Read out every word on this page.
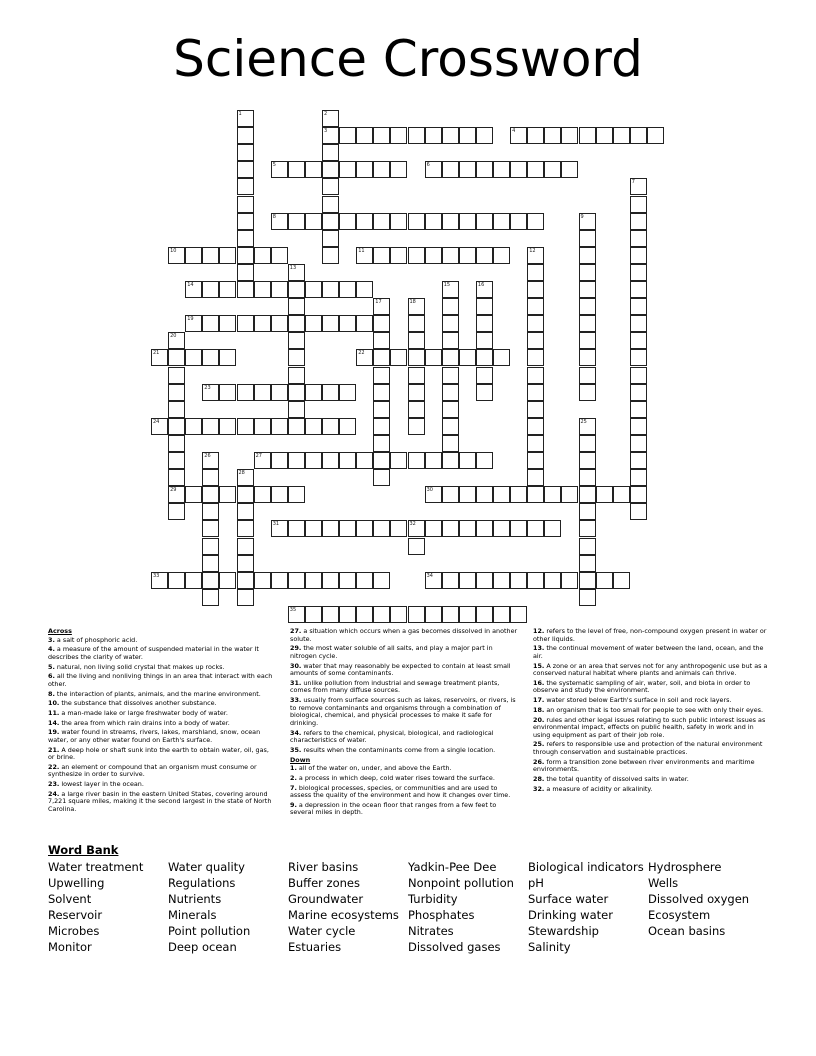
Science Crossword
1	2
3	4
5	6
7
8	9
10	11	12
13
14	15	16
17	18
19
20
29
21	22
23
24	25
26	27
28
30
31	32
33	34
35
Across
3. a salt of phosphoric acid.
4. a measure of the amount of suspended material in the water It describes the clarity of water.
5. natural, non living solid crystal that makes up rocks.
6. all the living and nonliving things in an area that interact with each other.
8. the interaction of plants, animals, and the marine environment.
10. the substance that dissolves another substance.
11. a man-made lake or large freshwater body of water.
14. the area from which rain drains into a body of water.
19. water found in streams, rivers, lakes, marshland, snow, ocean water, or any other water found on Earth's surface.
21. A deep hole or shaft sunk into the earth to obtain water, oil, gas, or brine.
22. an element or compound that an organism must consume or synthesize in order to survive.
23. lowest layer in the ocean.
24. a large river basin in the eastern United States, covering around 7,221 square miles, making it the second largest in the state of North Carolina.
27. a situation which occurs when a gas becomes dissolved in another solute.
29. the most water soluble of all salts, and play a major part in nitrogen cycle.
30. water that may reasonably be expected to contain at least small amounts of some contaminants.
31. unlike pollution from industrial and sewage treatment plants, comes from many diffuse sources.
33. usually from surface sources such as lakes, reservoirs, or rivers, is to remove contaminants and organisms through a combination of biological, chemical, and physical processes to make it safe for drinking.
34. refers to the chemical, physical, biological, and radiological characteristics of water.
35. results when the contaminants come from a single location.
Down
1. all of the water on, under, and above the Earth.
2. a process in which deep, cold water rises toward the surface.
7. biological processes, species, or communities and are used to assess the quality of the environment and how it changes over time.
9. a depression in the ocean floor that ranges from a few feet to several miles in depth.
12. refers to the level of free, non-compound oxygen present in water or other liquids.
13. the continual movement of water between the land, ocean, and the air.
15. A zone or an area that serves not for any anthropogenic use but as a conserved natural habitat where plants and animals can thrive.
16. the systematic sampling of air, water, soil, and biota in order to observe and study the environment.
17. water stored below Earth's surface in soil and rock layers.
18. an organism that is too small for people to see with only their eyes.
20. rules and other legal issues relating to such public interest issues as environmental impact, effects on public health, safety in work and in using equipment as part of their job role.
25. refers to responsible use and protection of the natural environment through conservation and sustainable practices.
26. form a transition zone between river environments and maritime environments.
28. the total quantity of dissolved salts in water.
32. a measure of acidity or alkalinity.
Word Bank
Water treatment
Upwelling
Solvent
Reservoir
Microbes
Monitor
Water quality
Regulations
Nutrients
Minerals
Point pollution
Deep ocean
River basins
Buffer zones
Groundwater
Marine ecosystems
Water cycle
Estuaries
Yadkin-Pee Dee
Nonpoint pollution
Turbidity
Phosphates
Nitrates
Dissolved gases
Biological indicators
pH
Surface water
Drinking water
Stewardship
Salinity
Hydrosphere
Wells
Dissolved oxygen
Ecosystem
Ocean basins
